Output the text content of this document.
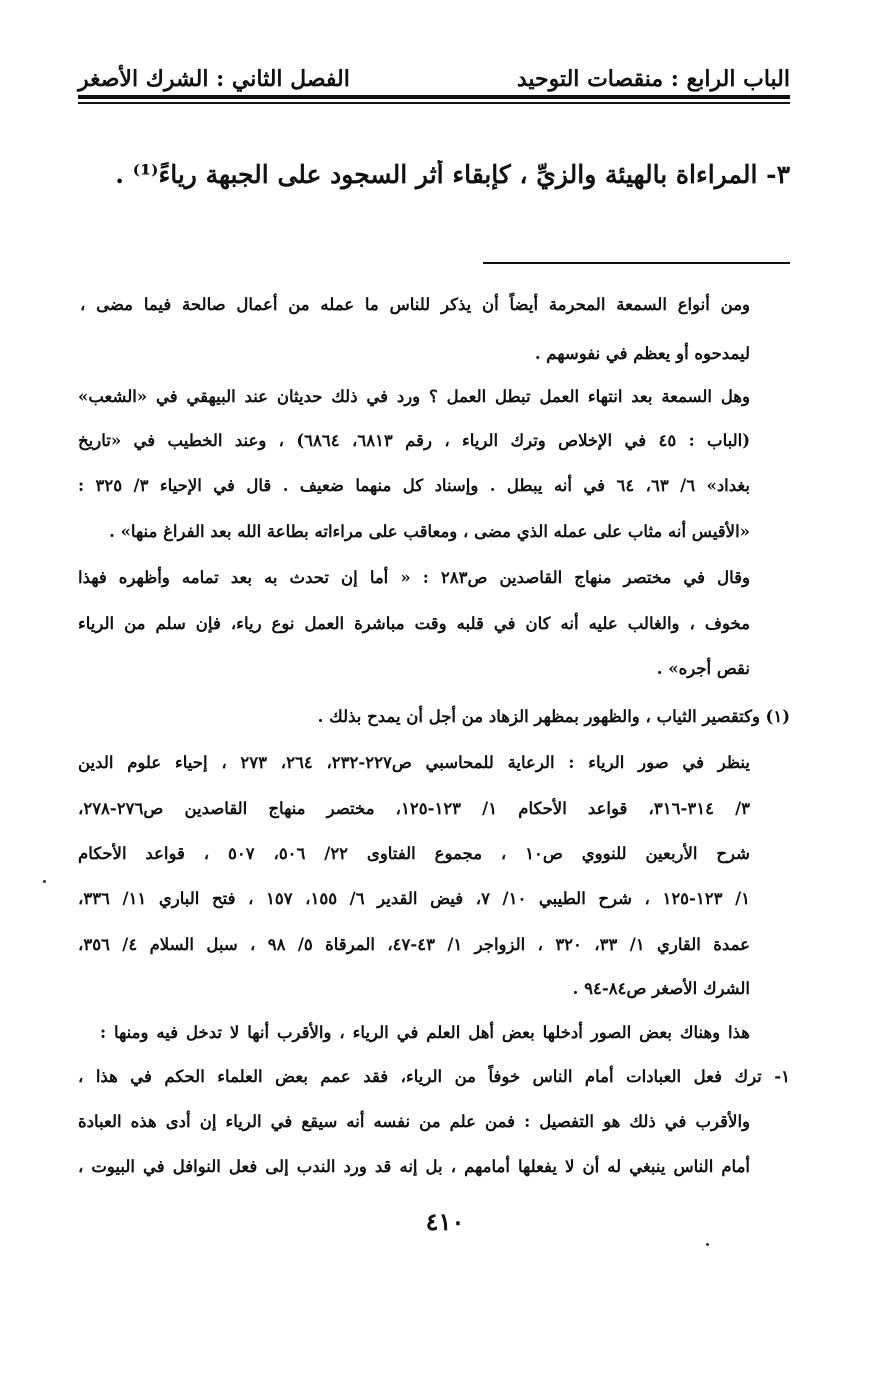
الباب الرابع : منقصات التوحيد
الفصل الثاني : الشرك الأصغر
٣- المراءاة بالهيئة والزيِّ ، كإبقاء أثر السجود على الجبهة رياءً⁽¹⁾ .
ومن أنواع السمعة المحرمة أيضاً أن يذكر للناس ما عمله من أعمال صالحة فيما مضى ،
ليمدحوه أو يعظم في نفوسهم .
وهل السمعة بعد انتهاء العمل تبطل العمل ؟ ورد في ذلك حديثان عند البيهقي في «الشعب»
(الباب : ٤٥ في الإخلاص وترك الرياء ، رقم ٦٨١٣، ٦٨٦٤) ، وعند الخطيب في «تاريخ
بغداد» ٦/ ٦٣، ٦٤ في أنه يبطل . وإسناد كل منهما ضعيف . قال في الإحياء ٣/ ٣٢٥ :
«الأقيس أنه مثاب على عمله الذي مضى ، ومعاقب على مراءاته بطاعة الله بعد الفراغ منها» .
وقال في مختصر منهاج القاصدين ص٢٨٣ : « أما إن تحدث به بعد تمامه وأظهره فهذا
مخوف ، والغالب عليه أنه كان في قلبه وقت مباشرة العمل نوع رياء، فإن سلم من الرياء
نقص أجره» .
(١)
وكتقصير الثياب ، والظهور بمظهر الزهاد من أجل أن يمدح بذلك .
ينظر في صور الرياء : الرعاية للمحاسبي ص٢٢٧-٢٣٢، ٢٦٤، ٢٧٣ ، إحياء علوم الدين
٣/ ٣١٤-٣١٦، قواعد الأحكام ١/ ١٢٣-١٢٥، مختصر منهاج القاصدين ص٢٧٦-٢٧٨،
شرح الأربعين للنووي ص١٠ ، مجموع الفتاوى ٢٢/ ٥٠٦، ٥٠٧ ، قواعد الأحكام
١/ ١٢٣-١٢٥ ، شرح الطيبي ١٠/ ٧، فيض القدير ٦/ ١٥٥، ١٥٧ ، فتح الباري ١١/ ٣٣٦،
عمدة القاري ١/ ٣٣، ٣٢٠ ، الزواجر ١/ ٤٣-٤٧، المرقاة ٥/ ٩٨ ، سبل السلام ٤/ ٣٥٦،
الشرك الأصغر ص٨٤-٩٤ .
هذا وهناك بعض الصور أدخلها بعض أهل العلم في الرياء ، والأقرب أنها لا تدخل فيه ومنها :
١- ترك فعل العبادات أمام الناس خوفاً من الرياء، فقد عمم بعض العلماء الحكم في هذا ،
والأقرب في ذلك هو التفصيل : فمن علم من نفسه أنه سيقع في الرياء إن أدى هذه العبادة
أمام الناس ينبغي له أن لا يفعلها أمامهم ، بل إنه قد ورد الندب إلى فعل النوافل في البيوت ،
٤١٠
